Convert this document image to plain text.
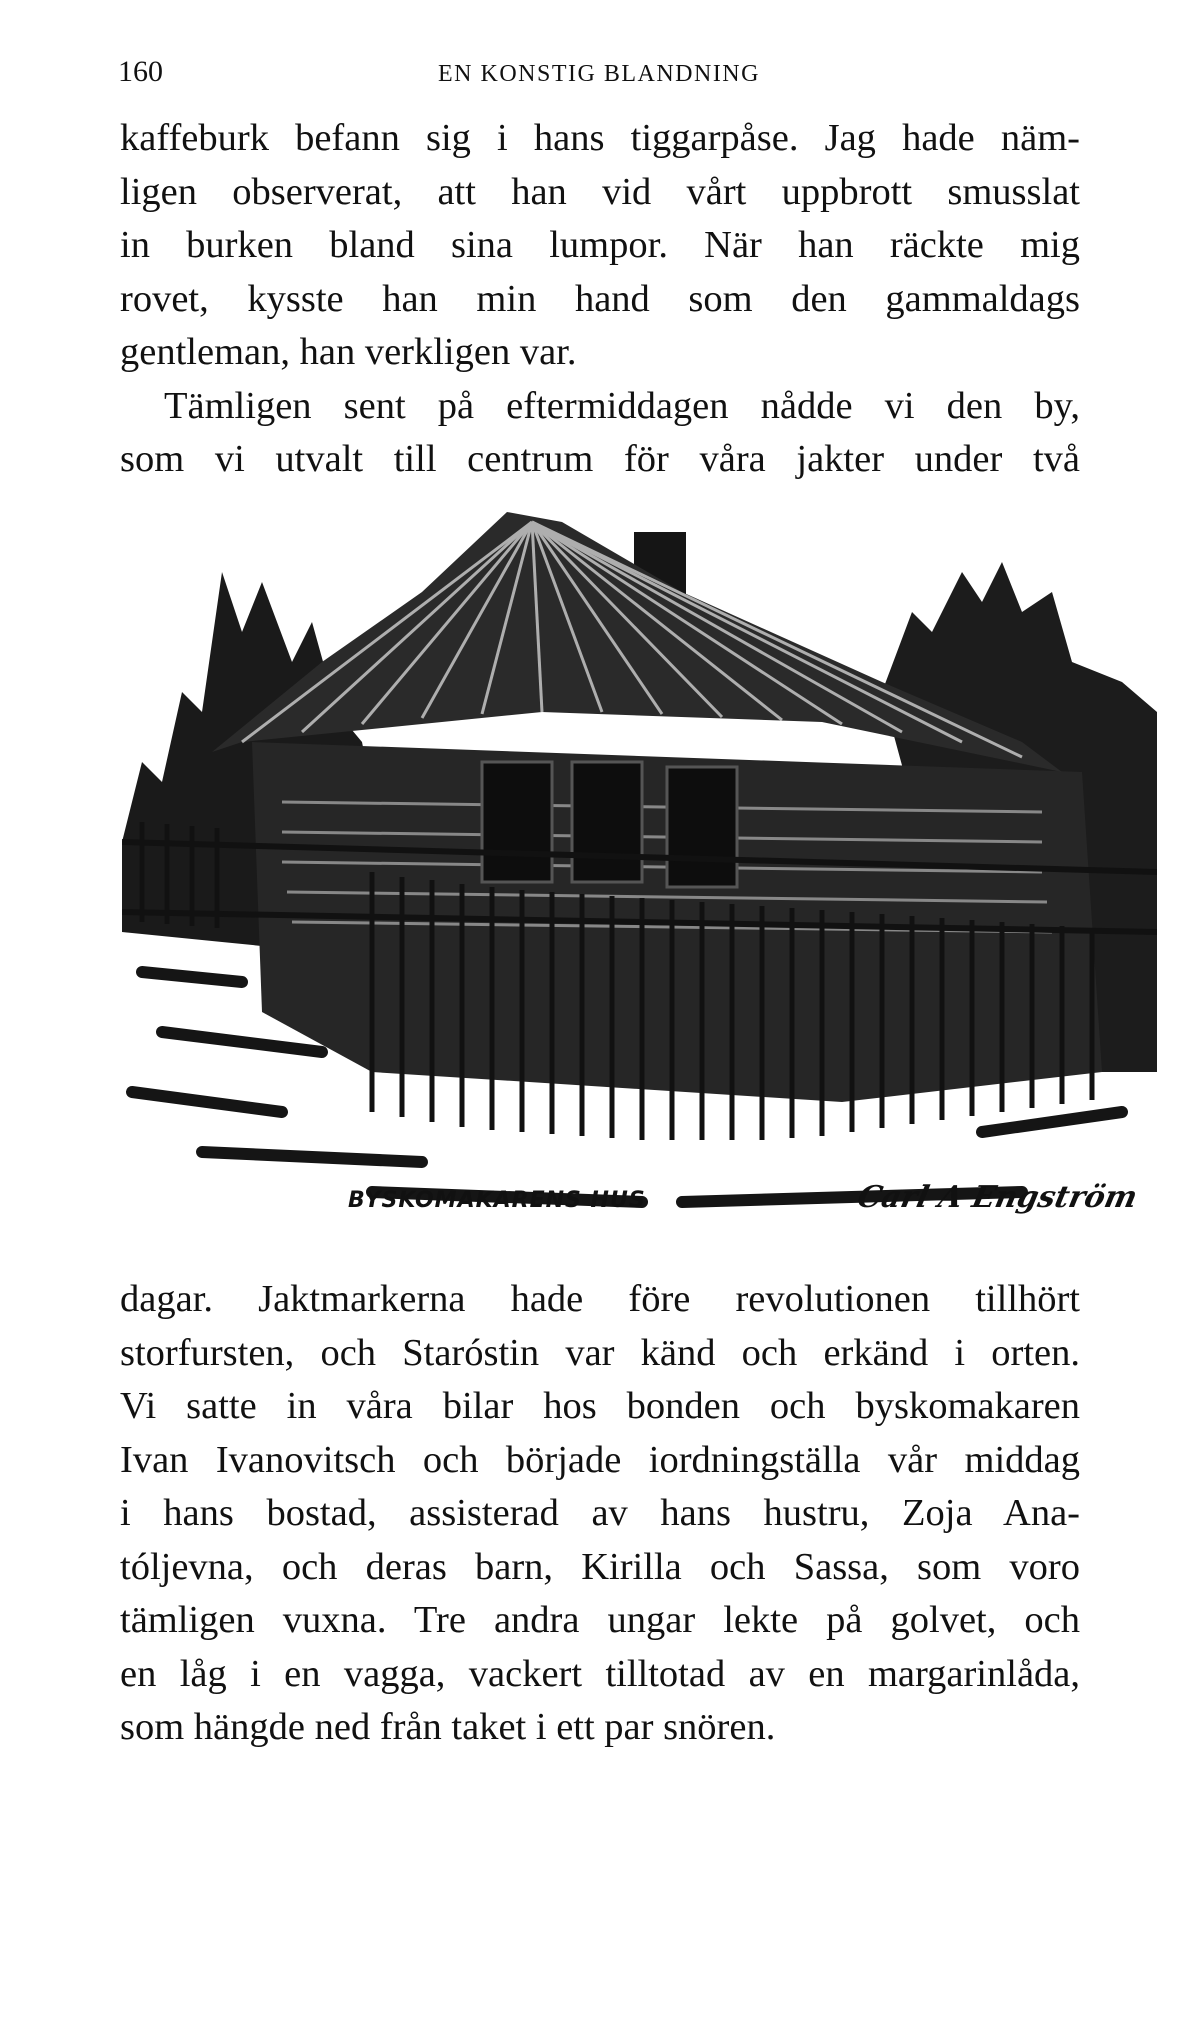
160	EN KONSTIG BLANDNING
kaffeburk befann sig i hans tiggarpåse. Jag hade näm-
ligen observerat, att han vid vårt uppbrott smusslat
in burken bland sina lumpor. När han räckte mig
rovet, kysste han min hand som den gammaldags
gentleman, han verkligen var.
Tämligen sent på eftermiddagen nådde vi den by,
som vi utvalt till centrum för våra jakter under två
BYSKOMAKARENS HUS	Carl A Engström
dagar. Jaktmarkerna hade före revolutionen tillhört
storfursten, och Staróstin var känd och erkänd i orten.
Vi satte in våra bilar hos bonden och byskomakaren
Ivan Ivanovitsch och började iordningställa vår middag
i hans bostad, assisterad av hans hustru, Zoja Ana-
tóljevna, och deras barn, Kirilla och Sassa, som voro
tämligen vuxna. Tre andra ungar lekte på golvet, och
en låg i en vagga, vackert tilltotad av en margarinlåda,
som hängde ned från taket i ett par snören.
